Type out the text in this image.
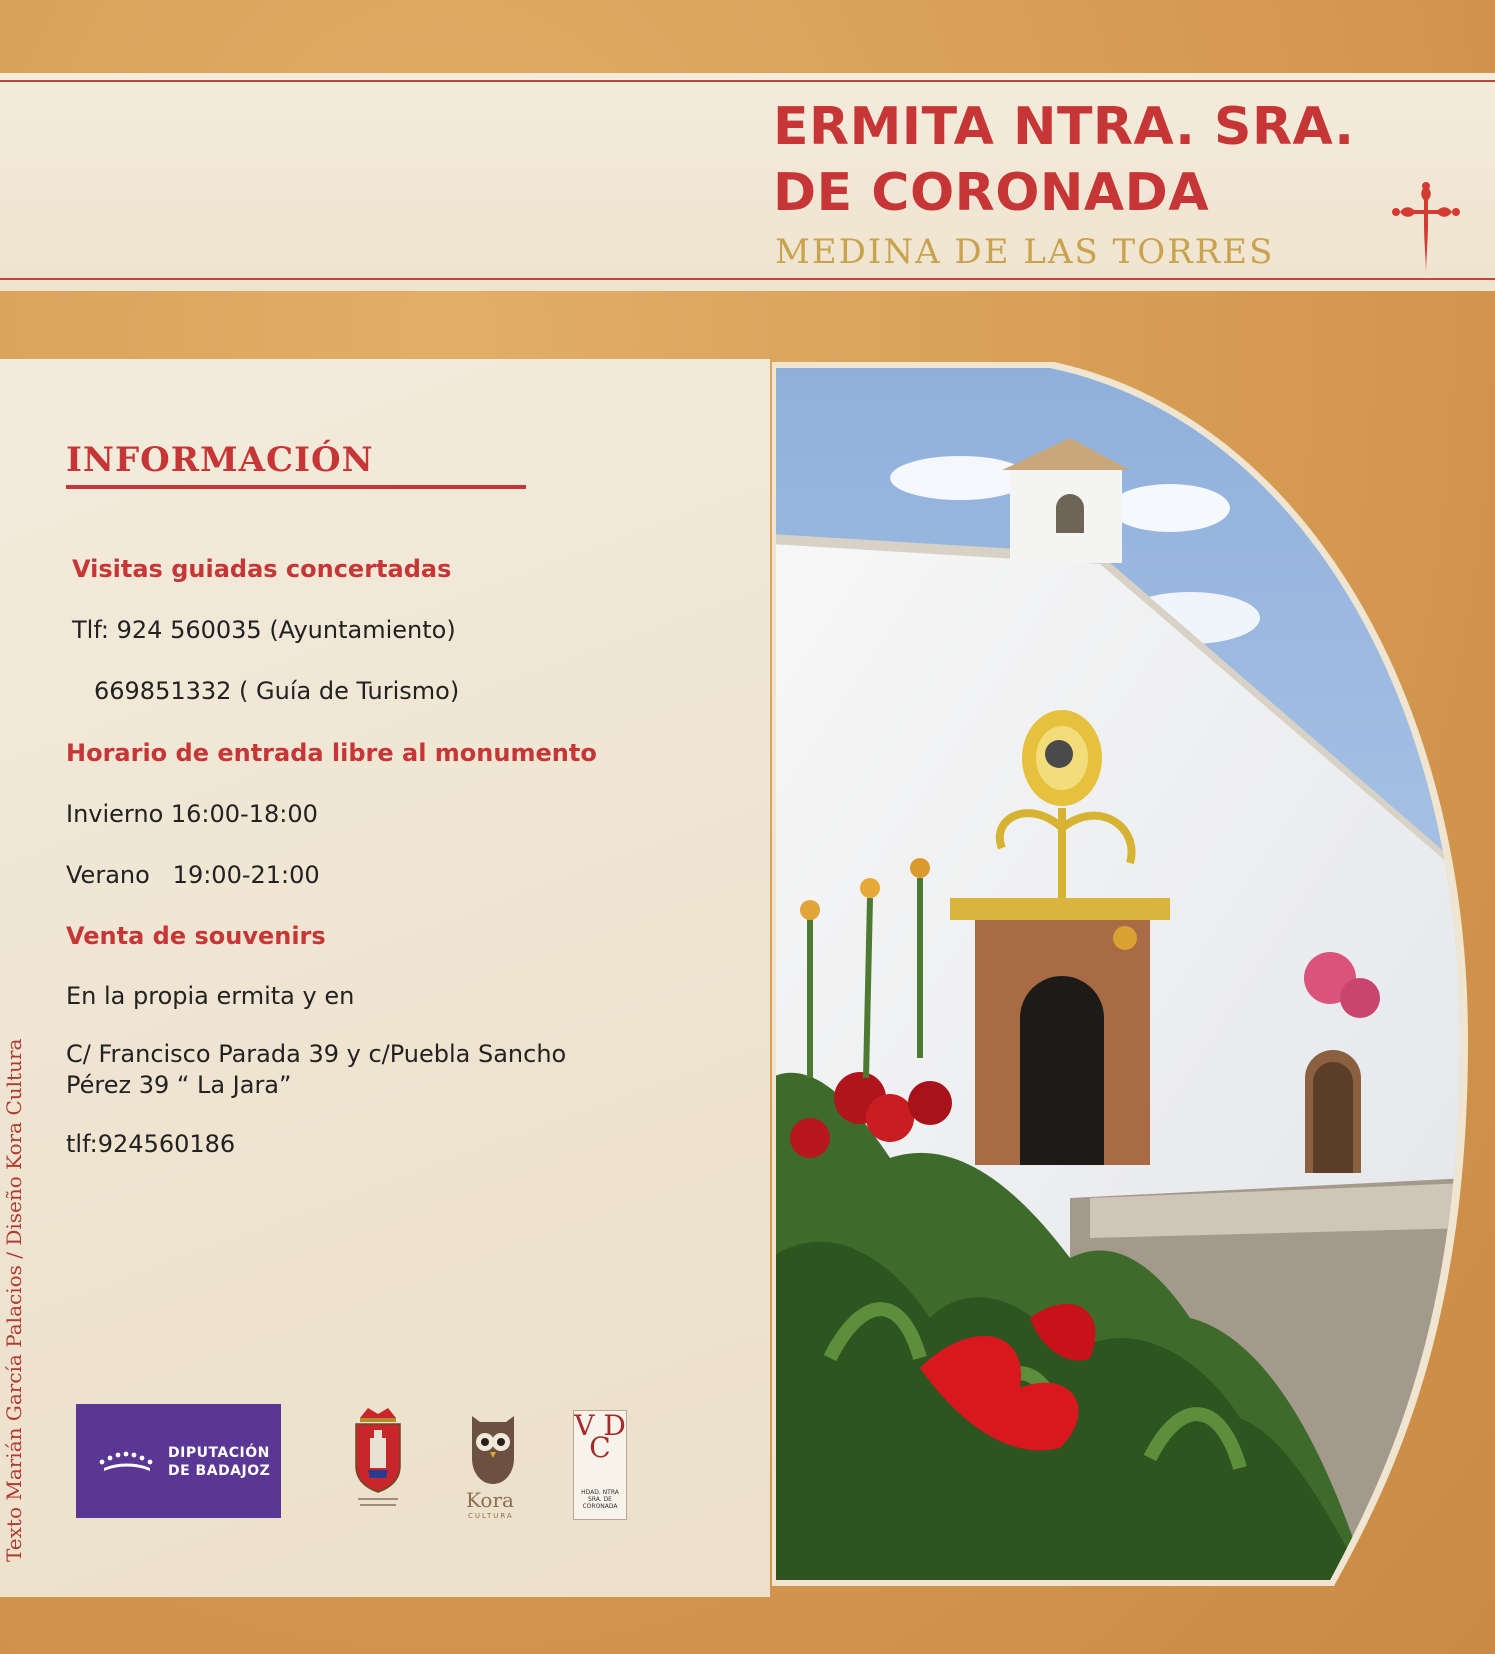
ERMITA NTRA. SRA.
DE CORONADA
MEDINA DE LAS TORRES
INFORMACIÓN
Visitas guiadas concertadas
Tlf: 924 560035 (Ayuntamiento)
669851332 ( Guía de Turismo)
Horario de entrada libre al monumento
Invierno 16:00-18:00
Verano   19:00-21:00
Venta de souvenirs
En la propia ermita y en
C/ Francisco Parada 39 y c/Puebla Sancho
Pérez 39 “ La Jara”
tlf:924560186
Texto Marián García Palacios / Diseño Kora Cultura	DIPUTACIÓN
DE BADAJOZ
Kora
CULTURA
V D C
HDAD. NTRA
SRA. DE
CORONADA
